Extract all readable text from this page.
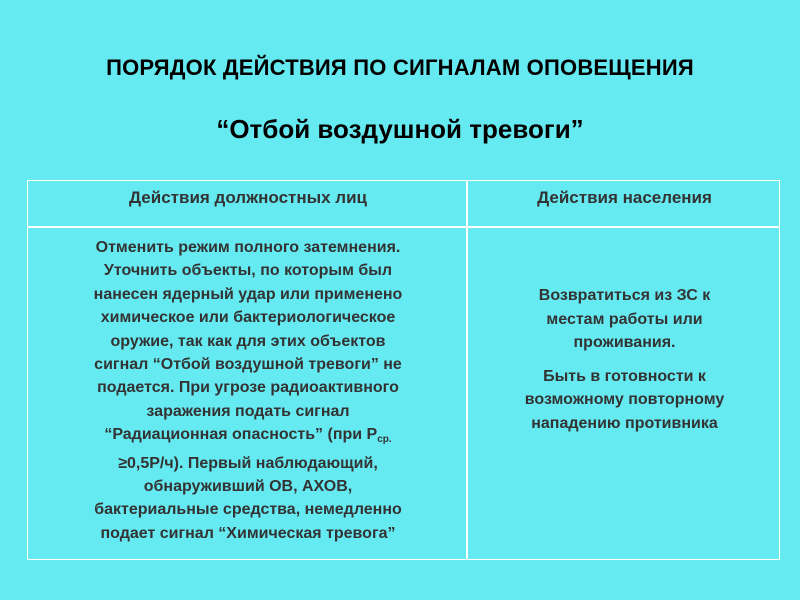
ПОРЯДОК ДЕЙСТВИЯ ПО СИГНАЛАМ ОПОВЕЩЕНИЯ
“Отбой воздушной тревоги”
Действия должностных лиц	Действия населения
Отменить режим полного затемнения.
Уточнить объекты, по которым был
нанесен ядерный удар или применено
химическое или бактериологическое
оружие, так как для этих объектов
сигнал “Отбой воздушной тревоги” не
подается. При угрозе радиоактивного
заражения подать сигнал
“Радиационная опасность” (при $Р_{ср.}$
≥0,5Р/ч). Первый наблюдающий,
обнаруживший ОВ, АХОВ,
бактериальные средства, немедленно
подает сигнал “Химическая тревога”
Возвратиться из ЗС к
местам работы или
проживания.
Быть в готовности к
возможному повторному
нападению противника
